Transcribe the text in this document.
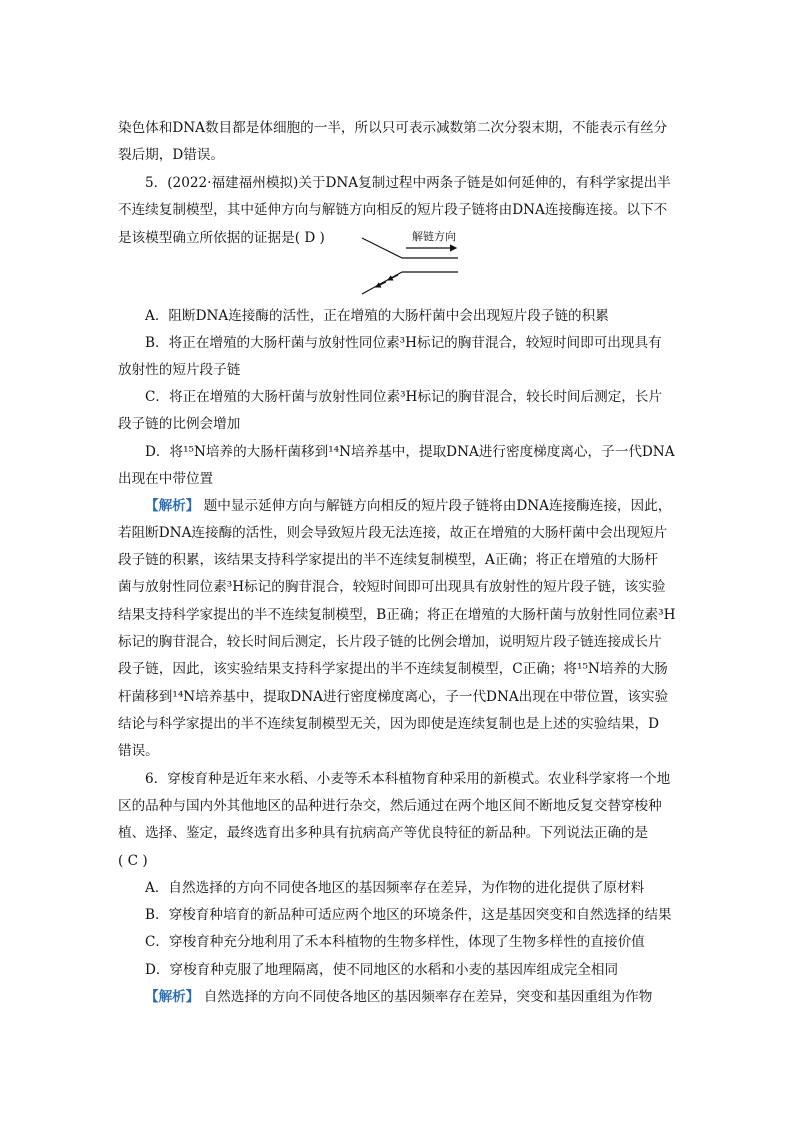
染色体和DNA数目都是体细胞的一半，所以只可表示减数第二次分裂末期，不能表示有丝分
裂后期，D错误。
5．(2022·福建福州模拟)关于DNA复制过程中两条子链是如何延伸的，有科学家提出半
不连续复制模型，其中延伸方向与解链方向相反的短片段子链将由DNA连接酶连接。以下不
是该模型确立所依据的证据是( D )	解链方向
A．阻断DNA连接酶的活性，正在增殖的大肠杆菌中会出现短片段子链的积累
B．将正在增殖的大肠杆菌与放射性同位素³H标记的胸苷混合，较短时间即可出现具有
放射性的短片段子链
C．将正在增殖的大肠杆菌与放射性同位素³H标记的胸苷混合，较长时间后测定，长片
段子链的比例会增加
D．将¹⁵N培养的大肠杆菌移到¹⁴N培养基中，提取DNA进行密度梯度离心，子一代DNA
出现在中带位置
【解析】 题中显示延伸方向与解链方向相反的短片段子链将由DNA连接酶连接，因此，
若阻断DNA连接酶的活性，则会导致短片段无法连接，故正在增殖的大肠杆菌中会出现短片
段子链的积累，该结果支持科学家提出的半不连续复制模型，A正确；将正在增殖的大肠杆
菌与放射性同位素³H标记的胸苷混合，较短时间即可出现具有放射性的短片段子链，该实验
结果支持科学家提出的半不连续复制模型，B正确；将正在增殖的大肠杆菌与放射性同位素³H
标记的胸苷混合，较长时间后测定，长片段子链的比例会增加，说明短片段子链连接成长片
段子链，因此，该实验结果支持科学家提出的半不连续复制模型，C正确；将¹⁵N培养的大肠
杆菌移到¹⁴N培养基中，提取DNA进行密度梯度离心，子一代DNA出现在中带位置，该实验
结论与科学家提出的半不连续复制模型无关，因为即使是连续复制也是上述的实验结果，D
错误。
6．穿梭育种是近年来水稻、小麦等禾本科植物育种采用的新模式。农业科学家将一个地
区的品种与国内外其他地区的品种进行杂交，然后通过在两个地区间不断地反复交替穿梭种
植、选择、鉴定，最终选育出多种具有抗病高产等优良特征的新品种。下列说法正确的是
( C )
A．自然选择的方向不同使各地区的基因频率存在差异，为作物的进化提供了原材料
B．穿梭育种培育的新品种可适应两个地区的环境条件，这是基因突变和自然选择的结果
C．穿梭育种充分地利用了禾本科植物的生物多样性，体现了生物多样性的直接价值
D．穿梭育种克服了地理隔离，使不同地区的水稻和小麦的基因库组成完全相同
【解析】 自然选择的方向不同使各地区的基因频率存在差异，突变和基因重组为作物
